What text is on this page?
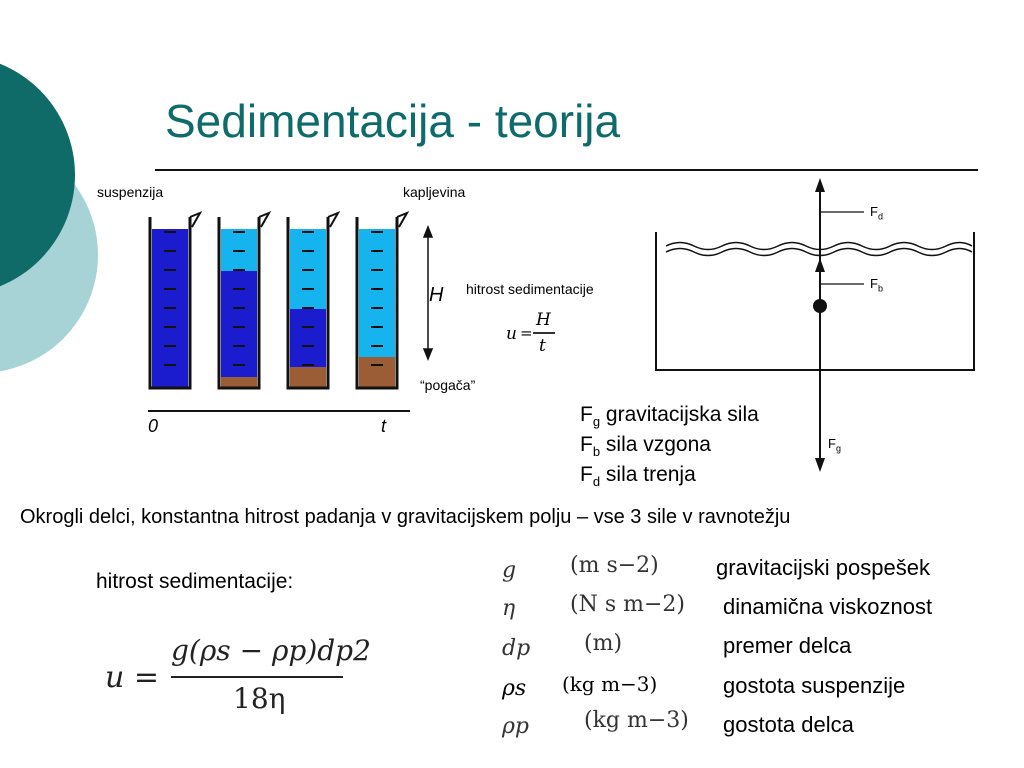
Sedimentacija - teorija
suspenzija	kapljevina
H hitrost sedimentacije
“pogača”
0	t
u =
H
t
$F_d$
$F_b$
$F_g$
$F_g$ gravitacijska sila
$F_b$ sila vzgona
$F_d$ sila trenja
Okrogli delci, konstantna hitrost padanja v gravitacijskem polju – vse 3 sile v ravnotežju
hitrost sedimentacije:
u =
g(ρs − ρp)dp2
18η
g (m s−2)	gravitacijski pospešek
η (N s m−2) dinamična viskoznost
dp (m)	premer delca
ρs (kg m−3)	gostota suspenzije
ρp (kg m−3) gostota delca
